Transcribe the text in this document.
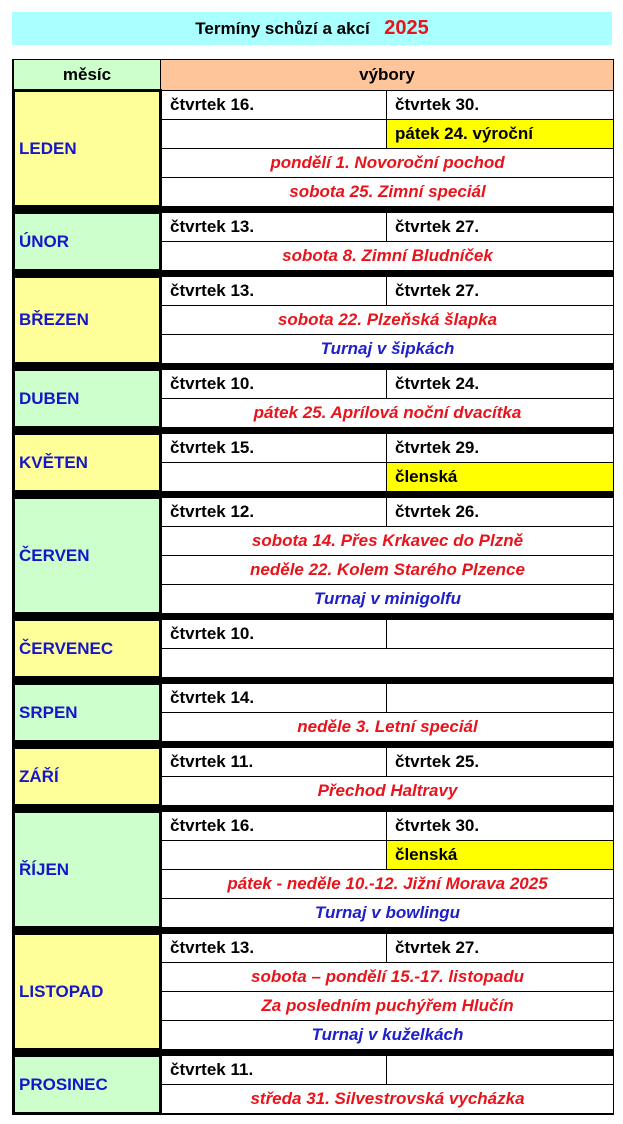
Termíny schůzí a akcí 2025
měsíc	výbory	
LEDEN	čtvrtek 16.	čtvrtek 30.
		pátek 24. výroční
	pondělí 1. Novoroční pochod	
	sobota 25. Zimní speciál	

ÚNOR	čtvrtek 13.	čtvrtek 27.
	sobota 8. Zimní Bludníček	

BŘEZEN	čtvrtek 13.	čtvrtek 27.
	sobota 22. Plzeňská šlapka	
	Turnaj v šipkách	

DUBEN	čtvrtek 10.	čtvrtek 24.
	pátek 25. Aprílová noční dvacítka	

KVĚTEN	čtvrtek 15.	čtvrtek 29.
		členská

ČERVEN	čtvrtek 12.	čtvrtek 26.
	sobota 14. Přes Krkavec do Plzně	
	neděle 22. Kolem Starého Plzence	
	Turnaj v minigolfu	

ČERVENEC	čtvrtek 10.	

SRPEN	čtvrtek 14.	
	neděle 3. Letní speciál	

ZÁŘÍ	čtvrtek 11.	čtvrtek 25.
	Přechod Haltravy	

ŘÍJEN	čtvrtek 16.	čtvrtek 30.
		členská
	pátek - neděle 10.-12. Jižní Morava 2025	
	Turnaj v bowlingu	

LISTOPAD	čtvrtek 13.	čtvrtek 27.
	sobota – pondělí 15.-17. listopadu	
	Za posledním puchýřem Hlučín	
	Turnaj v kuželkách	

PROSINEC	čtvrtek 11.	
	středa 31. Silvestrovská vycházka	
